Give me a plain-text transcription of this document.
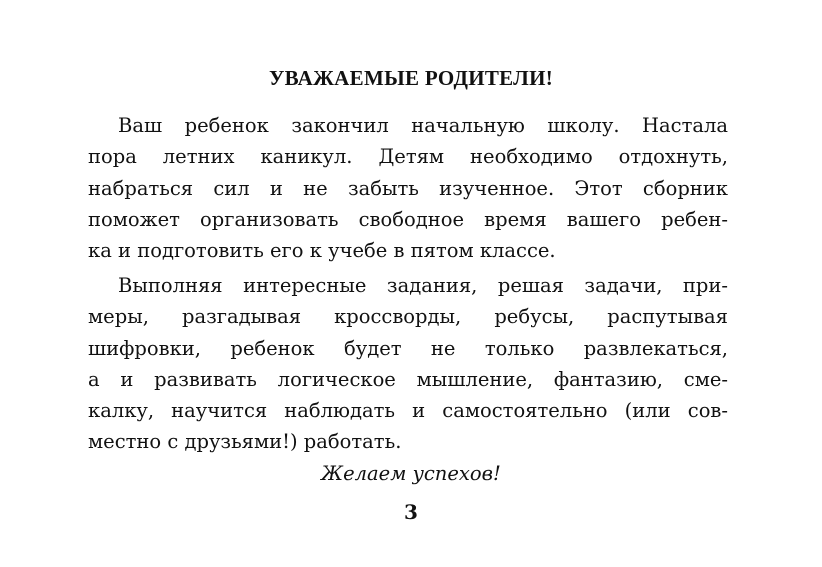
УВАЖАЕМЫЕ РОДИТЕЛИ!
Ваш ребенок закончил начальную школу. Настала
пора летних каникул. Детям необходимо отдохнуть,
набраться сил и не забыть изученное. Этот сборник
поможет организовать свободное время вашего ребен-
ка и подготовить его к учебе в пятом классе.
Выполняя интересные задания, решая задачи, при-
меры, разгадывая кроссворды, ребусы, распутывая
шифровки, ребенок будет не только развлекаться,
а и развивать логическое мышление, фантазию, сме-
калку, научится наблюдать и самостоятельно (или сов-
местно с друзьями!) работать.
Желаем успехов!
3
